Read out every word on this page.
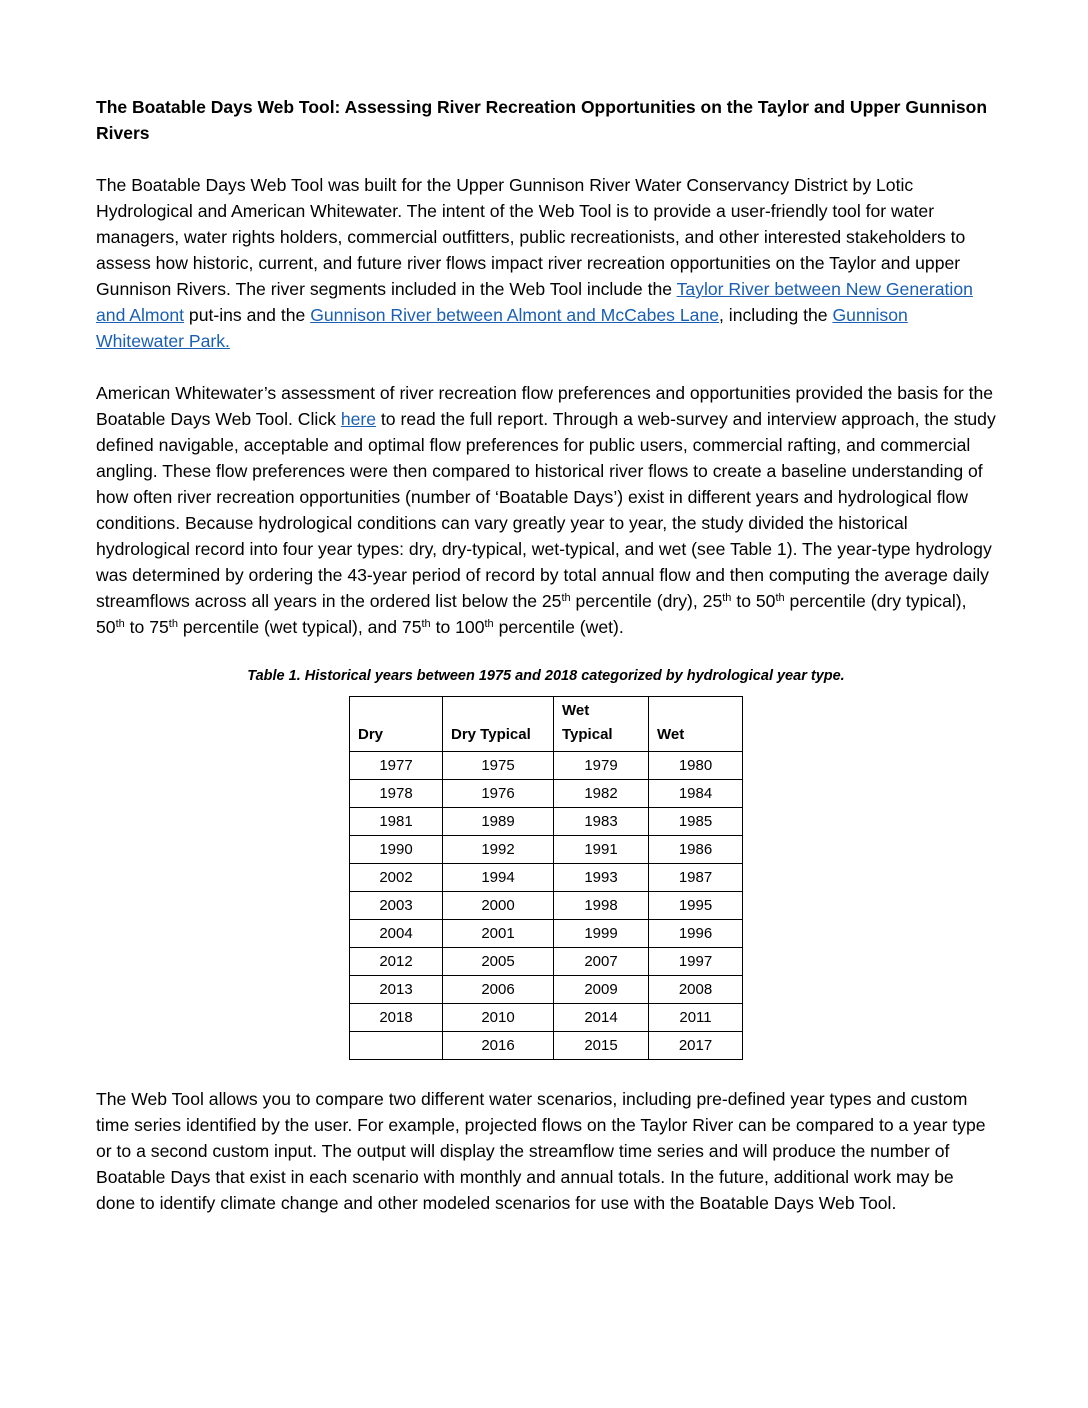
The Boatable Days Web Tool: Assessing River Recreation Opportunities on the Taylor and Upper Gunnison Rivers

The Boatable Days Web Tool was built for the Upper Gunnison River Water Conservancy District by Lotic Hydrological and American Whitewater. The intent of the Web Tool is to provide a user-friendly tool for water managers, water rights holders, commercial outfitters, public recreationists, and other interested stakeholders to assess how historic, current, and future river flows impact river recreation opportunities on the Taylor and upper Gunnison Rivers. The river segments included in the Web Tool include the Taylor River between New Generation and Almont put-ins and the Gunnison River between Almont and McCabes Lane, including the Gunnison Whitewater Park.

American Whitewater’s assessment of river recreation flow preferences and opportunities provided the basis for the Boatable Days Web Tool. Click here to read the full report. Through a web-survey and interview approach, the study defined navigable, acceptable and optimal flow preferences for public users, commercial rafting, and commercial angling. These flow preferences were then compared to historical river flows to create a baseline understanding of how often river recreation opportunities (number of ‘Boatable Days’) exist in different years and hydrological flow conditions. Because hydrological conditions can vary greatly year to year, the study divided the historical hydrological record into four year types: dry, dry-typical, wet-typical, and wet (see Table 1). The year-type hydrology was determined by ordering the 43-year period of record by total annual flow and then computing the average daily streamflows across all years in the ordered list below the 25th percentile (dry), 25th to 50th percentile (dry typical), 50th to 75th percentile (wet typical), and 75th to 100th percentile (wet).

Table 1. Historical years between 1975 and 2018 categorized by hydrological year type.
Dry	Dry Typical	Wet Typical	Wet
1977	1975	1979	1980
1978	1976	1982	1984
1981	1989	1983	1985
1990	1992	1991	1986
2002	1994	1993	1987
2003	2000	1998	1995
2004	2001	1999	1996
2012	2005	2007	1997
2013	2006	2009	2008
2018	2010	2014	2011
	2016	2015	2017

The Web Tool allows you to compare two different water scenarios, including pre-defined year types and custom time series identified by the user. For example, projected flows on the Taylor River can be compared to a year type or to a second custom input. The output will display the streamflow time series and will produce the number of Boatable Days that exist in each scenario with monthly and annual totals. In the future, additional work may be done to identify climate change and other modeled scenarios for use with the Boatable Days Web Tool.
